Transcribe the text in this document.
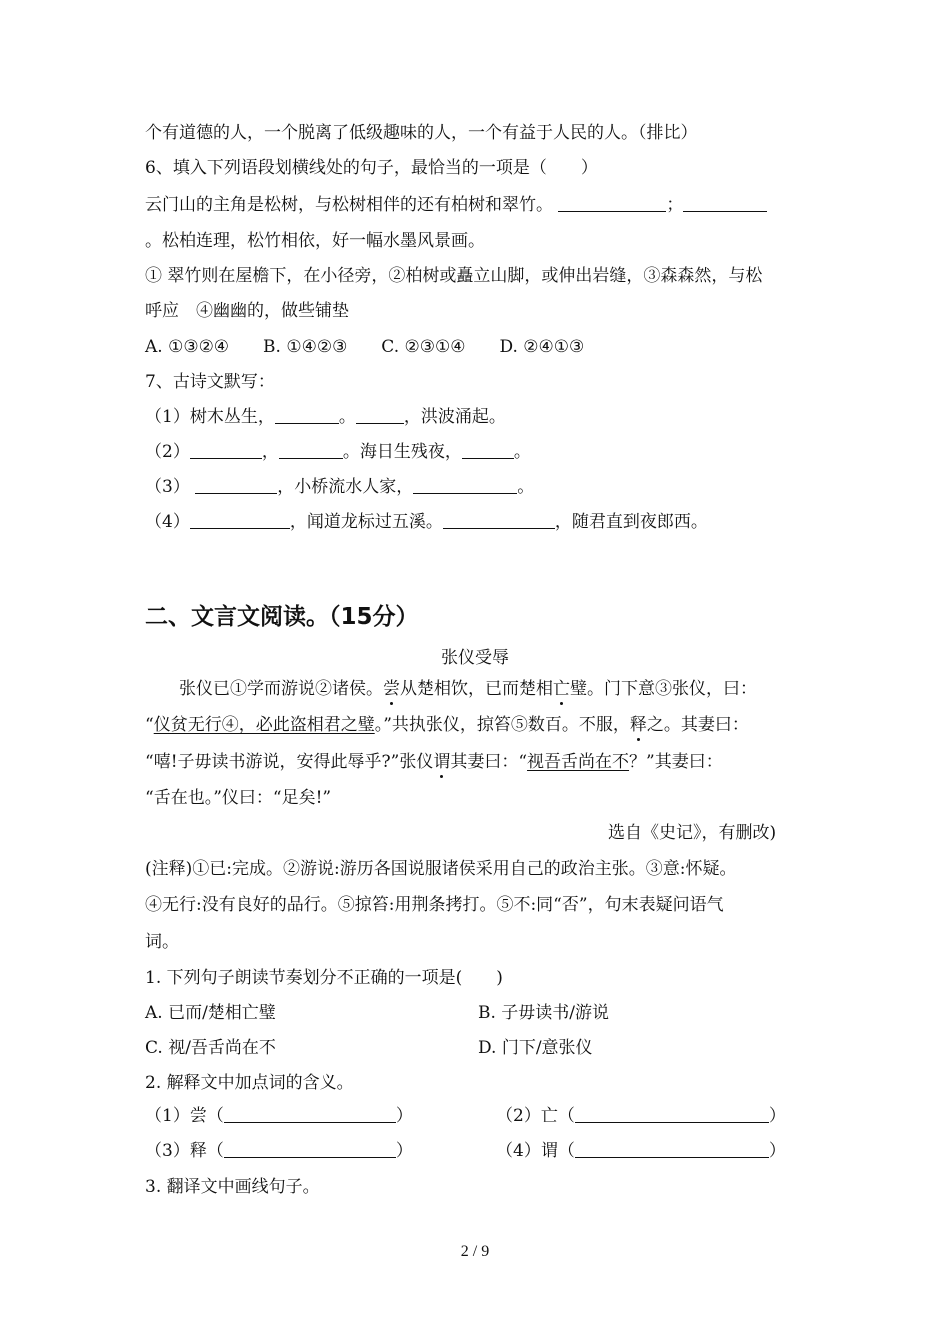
个有道德的人，一个脱离了低级趣味的人，一个有益于人民的人。（排比）
6、填入下列语段划横线处的句子，最恰当的一项是（　　）
云门山的主角是松树，与松树相伴的还有柏树和翠竹。	；
。松柏连理，松竹相依，好一幅水墨风景画。
① 翠竹则在屋檐下，在小径旁，②柏树或矗立山脚，或伸出岩缝，③森森然，与松
呼应　④幽幽的，做些铺垫
A. ①③②④　　B. ①④②③　　C. ②③①④　　D. ②④①③
7、古诗文默写：
（1）树木丛生，	。	，洪波涌起。
（2）	，	。海日生残夜，	。
（3）	，小桥流水人家，	。
（4）	，闻道龙标过五溪。	，随君直到夜郎西。
二、文言文阅读。（15分）
张仪受辱
张仪已①学而游说②诸侯。尝从楚相饮，已而楚相亡璧。门下意③张仪，曰：
“仪贫无行④，必此盗相君之璧。”共执张仪，掠笞⑤数百。不服，释之。其妻曰：
“嘻!子毋读书游说，安得此辱乎?”张仪谓其妻曰：“视吾舌尚在不？”其妻曰：
“舌在也。”仪曰：“足矣!”
选自《史记》，有删改)
(注释)①已:完成。②游说:游历各国说服诸侯采用自己的政治主张。③意:怀疑。
④无行:没有良好的品行。⑤掠笞:用荆条拷打。⑤不:同“否”，句末表疑问语气
词。
1. 下列句子朗读节奏划分不正确的一项是(　　)
A. 已而/楚相亡璧	B. 子毋读书/游说
C. 视/吾舌尚在不	D. 门下/意张仪
2. 解释文中加点词的含义。
（1）尝（	）	（2）亡（	）
（3）释（	）	（4）谓（	）
3. 翻译文中画线句子。
2 / 9
